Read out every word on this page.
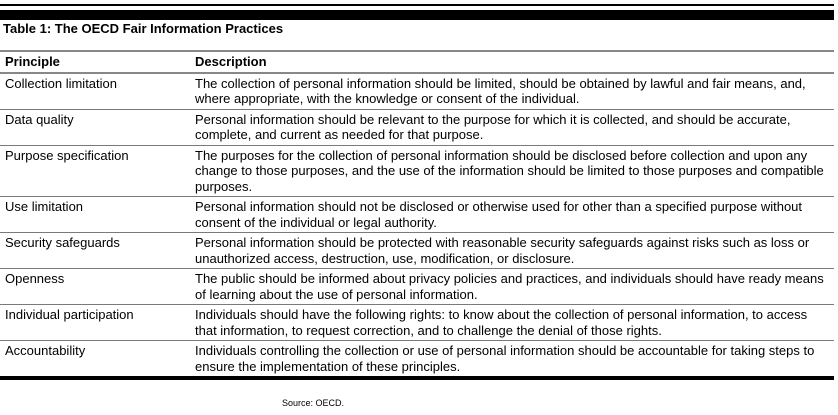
Table 1: The OECD Fair Information Practices
Principle	Description
Collection limitation	The collection of personal information should be limited, should be obtained by lawful and fair means, and, where appropriate, with the knowledge or consent of the individual.
Data quality	Personal information should be relevant to the purpose for which it is collected, and should be accurate, complete, and current as needed for that purpose.
Purpose specification	The purposes for the collection of personal information should be disclosed before collection and upon any change to those purposes, and the use of the information should be limited to those purposes and compatible purposes.
Use limitation	Personal information should not be disclosed or otherwise used for other than a specified purpose without consent of the individual or legal authority.
Security safeguards	Personal information should be protected with reasonable security safeguards against risks such as loss or unauthorized access, destruction, use, modification, or disclosure.
Openness	The public should be informed about privacy policies and practices, and individuals should have ready means of learning about the use of personal information.
Individual participation	Individuals should have the following rights: to know about the collection of personal information, to access that information, to request correction, and to challenge the denial of those rights.
Accountability	Individuals controlling the collection or use of personal information should be accountable for taking steps to ensure the implementation of these principles.
Source: OECD.
